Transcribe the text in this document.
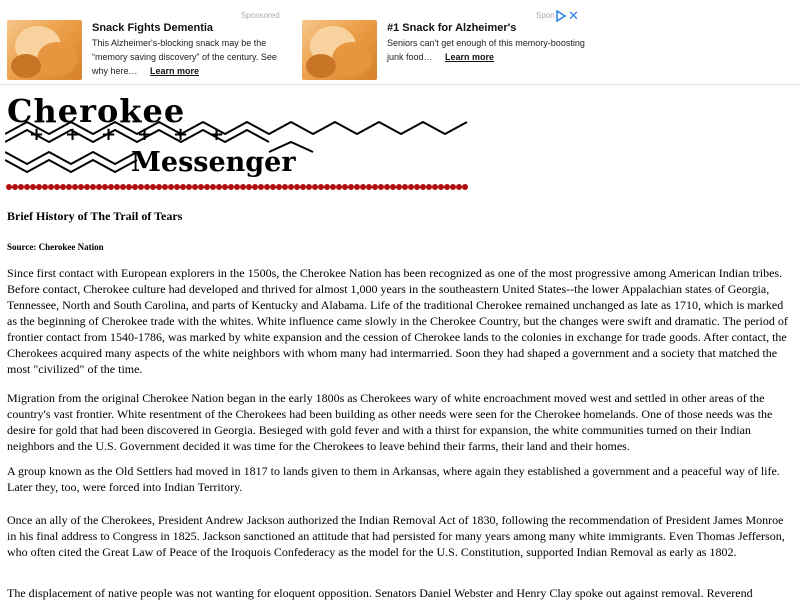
Snack Fights Dementia
This Alzheimer's-blocking snack may be the “memory saving discovery” of the century. See why here… Learn more
Sponsored
#1 Snack for Alzheimer's
Seniors can't get enough of this memory-boosting junk food… Learn more
Spon ✕
Cherokee
Messenger
+ + + + + +
Brief History of The Trail of Tears
Source: Cherokee Nation

Since first contact with European explorers in the 1500s, the Cherokee Nation has been recognized as one of the most progressive among American Indian tribes. Before contact, Cherokee culture had developed and thrived for almost 1,000 years in the southeastern United States--the lower Appalachian states of Georgia, Tennessee, North and South Carolina, and parts of Kentucky and Alabama. Life of the traditional Cherokee remained unchanged as late as 1710, which is marked as the beginning of Cherokee trade with the whites. White influence came slowly in the Cherokee Country, but the changes were swift and dramatic. The period of frontier contact from 1540-1786, was marked by white expansion and the cession of Cherokee lands to the colonies in exchange for trade goods. After contact, the Cherokees acquired many aspects of the white neighbors with whom many had intermarried. Soon they had shaped a government and a society that matched the most "civilized" of the time.

Migration from the original Cherokee Nation began in the early 1800s as Cherokees wary of white encroachment moved west and settled in other areas of the country's vast frontier. White resentment of the Cherokees had been building as other needs were seen for the Cherokee homelands. One of those needs was the desire for gold that had been discovered in Georgia. Besieged with gold fever and with a thirst for expansion, the white communities turned on their Indian neighbors and the U.S. Government decided it was time for the Cherokees to leave behind their farms, their land and their homes.

A group known as the Old Settlers had moved in 1817 to lands given to them in Arkansas, where again they established a government and a peaceful way of life. Later they, too, were forced into Indian Territory.

Once an ally of the Cherokees, President Andrew Jackson authorized the Indian Removal Act of 1830, following the recommendation of President James Monroe in his final address to Congress in 1825. Jackson sanctioned an attitude that had persisted for many years among many white immigrants. Even Thomas Jefferson, who often cited the Great Law of Peace of the Iroquois Confederacy as the model for the U.S. Constitution, supported Indian Removal as early as 1802.

The displacement of native people was not wanting for eloquent opposition. Senators Daniel Webster and Henry Clay spoke out against removal. Reverend
